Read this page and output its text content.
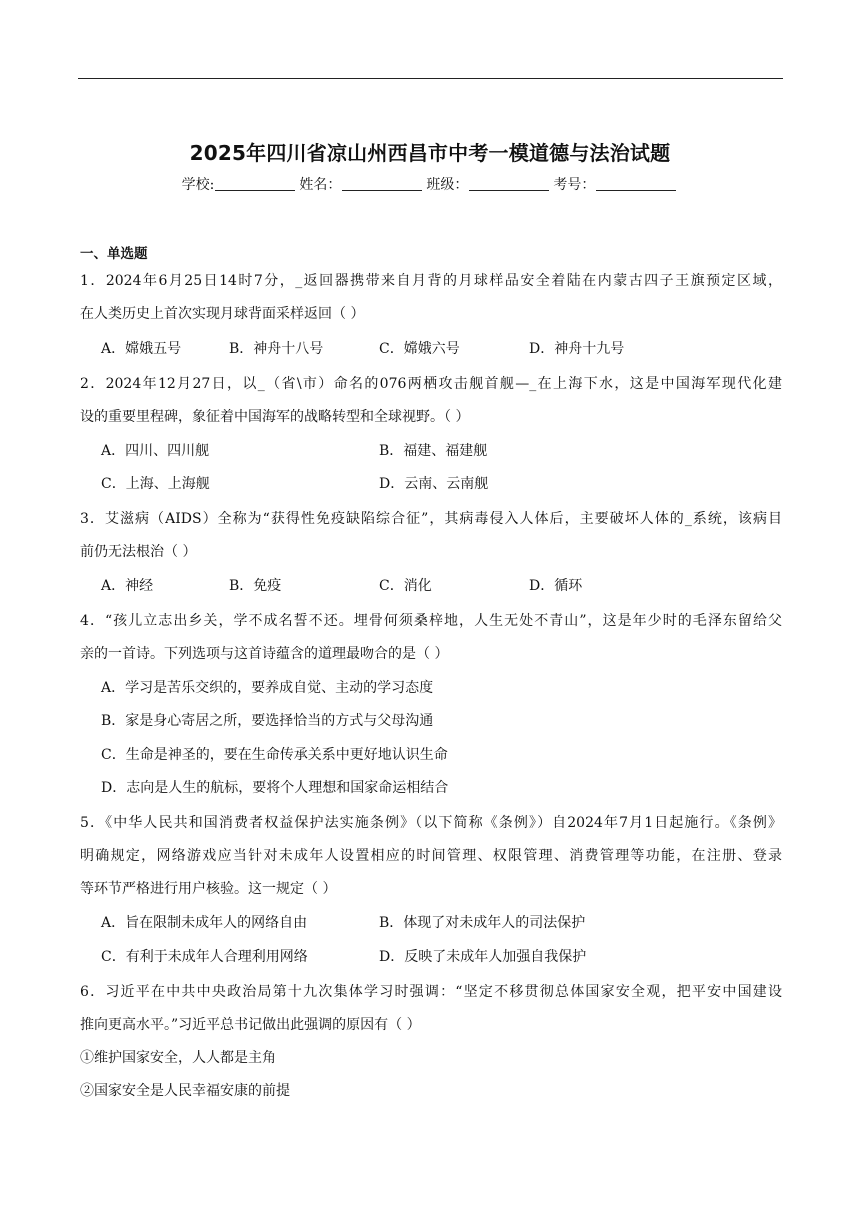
2025年四川省凉山州西昌市中考一模道德与法治试题
学校:	姓名：	班级：	考号：
一、单选题
1．2024年6月25日14时7分，_返回器携带来自月背的月球样品安全着陆在内蒙古四子王旗预定区域，
在人类历史上首次实现月球背面采样返回（ ）
A．嫦娥五号	B．神舟十八号	C．嫦娥六号	D．神舟十九号
2．2024年12月27日，以_（省\市）命名的076两栖攻击舰首舰—_在上海下水，这是中国海军现代化建
设的重要里程碑，象征着中国海军的战略转型和全球视野。（ ）
A．四川、四川舰	B．福建、福建舰
C．上海、上海舰	D．云南、云南舰
3．艾滋病（AIDS）全称为“获得性免疫缺陷综合征”，其病毒侵入人体后，主要破坏人体的_系统，该病目
前仍无法根治（ ）
A．神经	B．免疫	C．消化	D．循环
4．“孩儿立志出乡关，学不成名誓不还。埋骨何须桑梓地，人生无处不青山”，这是年少时的毛泽东留给父
亲的一首诗。下列选项与这首诗蕴含的道理最吻合的是（ ）
A．学习是苦乐交织的，要养成自觉、主动的学习态度
B．家是身心寄居之所，要选择恰当的方式与父母沟通
C．生命是神圣的，要在生命传承关系中更好地认识生命
D．志向是人生的航标，要将个人理想和国家命运相结合
5．《中华人民共和国消费者权益保护法实施条例》（以下简称《条例》）自2024年7月1日起施行。《条例》
明确规定，网络游戏应当针对未成年人设置相应的时间管理、权限管理、消费管理等功能，在注册、登录
等环节严格进行用户核验。这一规定（ ）
A．旨在限制未成年人的网络自由	B．体现了对未成年人的司法保护
C．有利于未成年人合理利用网络	D．反映了未成年人加强自我保护
6．习近平在中共中央政治局第十九次集体学习时强调：“坚定不移贯彻总体国家安全观，把平安中国建设
推向更高水平。”习近平总书记做出此强调的原因有（ ）
①维护国家安全，人人都是主角
②国家安全是人民幸福安康的前提
